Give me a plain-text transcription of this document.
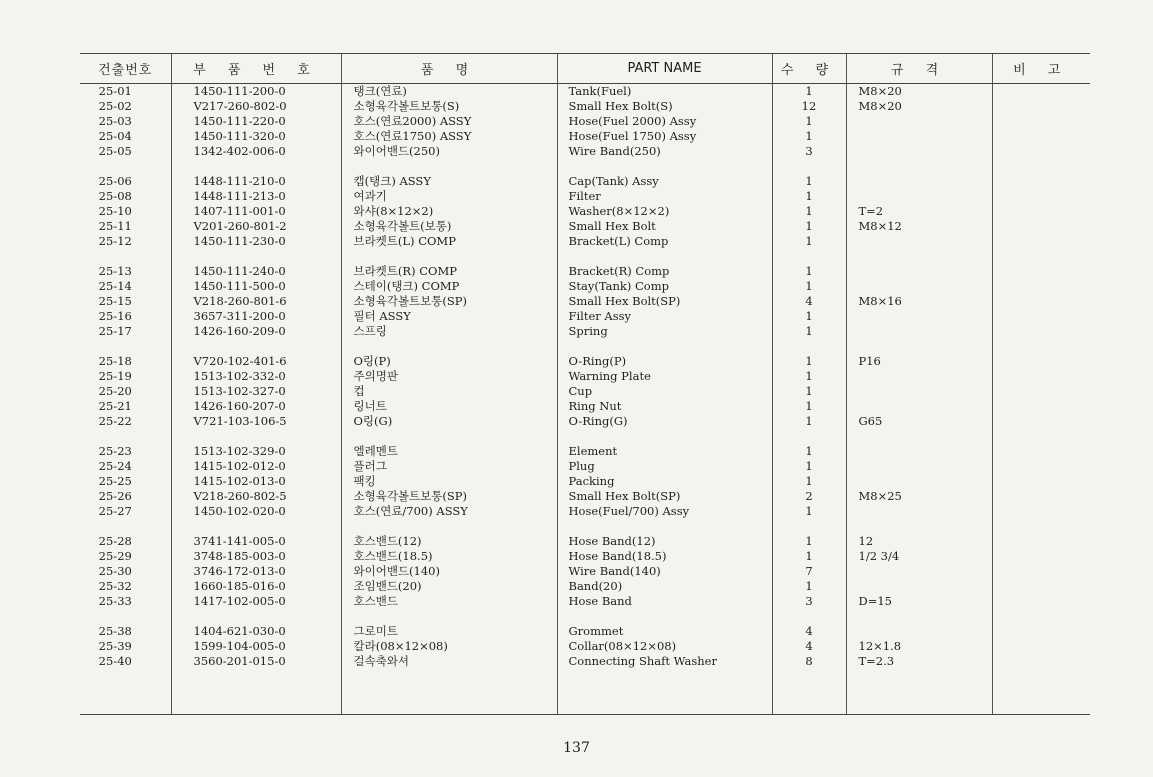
건출번호	부 품 번 호	품 명	PART NAME	수 량	규 격	비 고
25-01	1450-111-200-0	탱크(연료)	Tank(Fuel)	1	M8×20	
25-02	V217-260-802-0	소형육각볼트보통(S)	Small Hex Bolt(S)	12	M8×20	
25-03	1450-111-220-0	호스(연료2000) ASSY	Hose(Fuel 2000) Assy	1		
25-04	1450-111-320-0	호스(연료1750) ASSY	Hose(Fuel 1750) Assy	1		
25-05	1342-402-006-0	와이어밴드(250)	Wire Band(250)	3		

25-06	1448-111-210-0	캡(탱크) ASSY	Cap(Tank) Assy	1		
25-08	1448-111-213-0	여과기	Filter	1		
25-10	1407-111-001-0	와샤(8×12×2)	Washer(8×12×2)	1	T=2	
25-11	V201-260-801-2	소형육각볼트(보통)	Small Hex Bolt	1	M8×12	
25-12	1450-111-230-0	브라켓트(L) COMP	Bracket(L) Comp	1		

25-13	1450-111-240-0	브라켓트(R) COMP	Bracket(R) Comp	1		
25-14	1450-111-500-0	스테이(탱크) COMP	Stay(Tank) Comp	1		
25-15	V218-260-801-6	소형육각볼트보통(SP)	Small Hex Bolt(SP)	4	M8×16	
25-16	3657-311-200-0	필터 ASSY	Filter Assy	1		
25-17	1426-160-209-0	스프링	Spring	1		

25-18	V720-102-401-6	O링(P)	O-Ring(P)	1	P16	
25-19	1513-102-332-0	주의명판	Warning Plate	1		
25-20	1513-102-327-0	컵	Cup	1		
25-21	1426-160-207-0	링너트	Ring Nut	1		
25-22	V721-103-106-5	O링(G)	O-Ring(G)	1	G65	

25-23	1513-102-329-0	엘레멘트	Element	1		
25-24	1415-102-012-0	플러그	Plug	1		
25-25	1415-102-013-0	팩킹	Packing	1		
25-26	V218-260-802-5	소형육각볼트보통(SP)	Small Hex Bolt(SP)	2	M8×25	
25-27	1450-102-020-0	호스(연료/700) ASSY	Hose(Fuel/700) Assy	1		

25-28	3741-141-005-0	호스밴드(12)	Hose Band(12)	1	12	
25-29	3748-185-003-0	호스밴드(18.5)	Hose Band(18.5)	1	1/2 3/4	
25-30	3746-172-013-0	와이어밴드(140)	Wire Band(140)	7		
25-32	1660-185-016-0	조임밴드(20)	Band(20)	1		
25-33	1417-102-005-0	호스밴드	Hose Band	3	D=15	

25-38	1404-621-030-0	그로미트	Grommet	4		
25-39	1599-104-005-0	칼라(08×12×08)	Collar(08×12×08)	4	12×1.8	
25-40	3560-201-015-0	걸속축와셔	Connecting Shaft Washer	8	T=2.3	

137
